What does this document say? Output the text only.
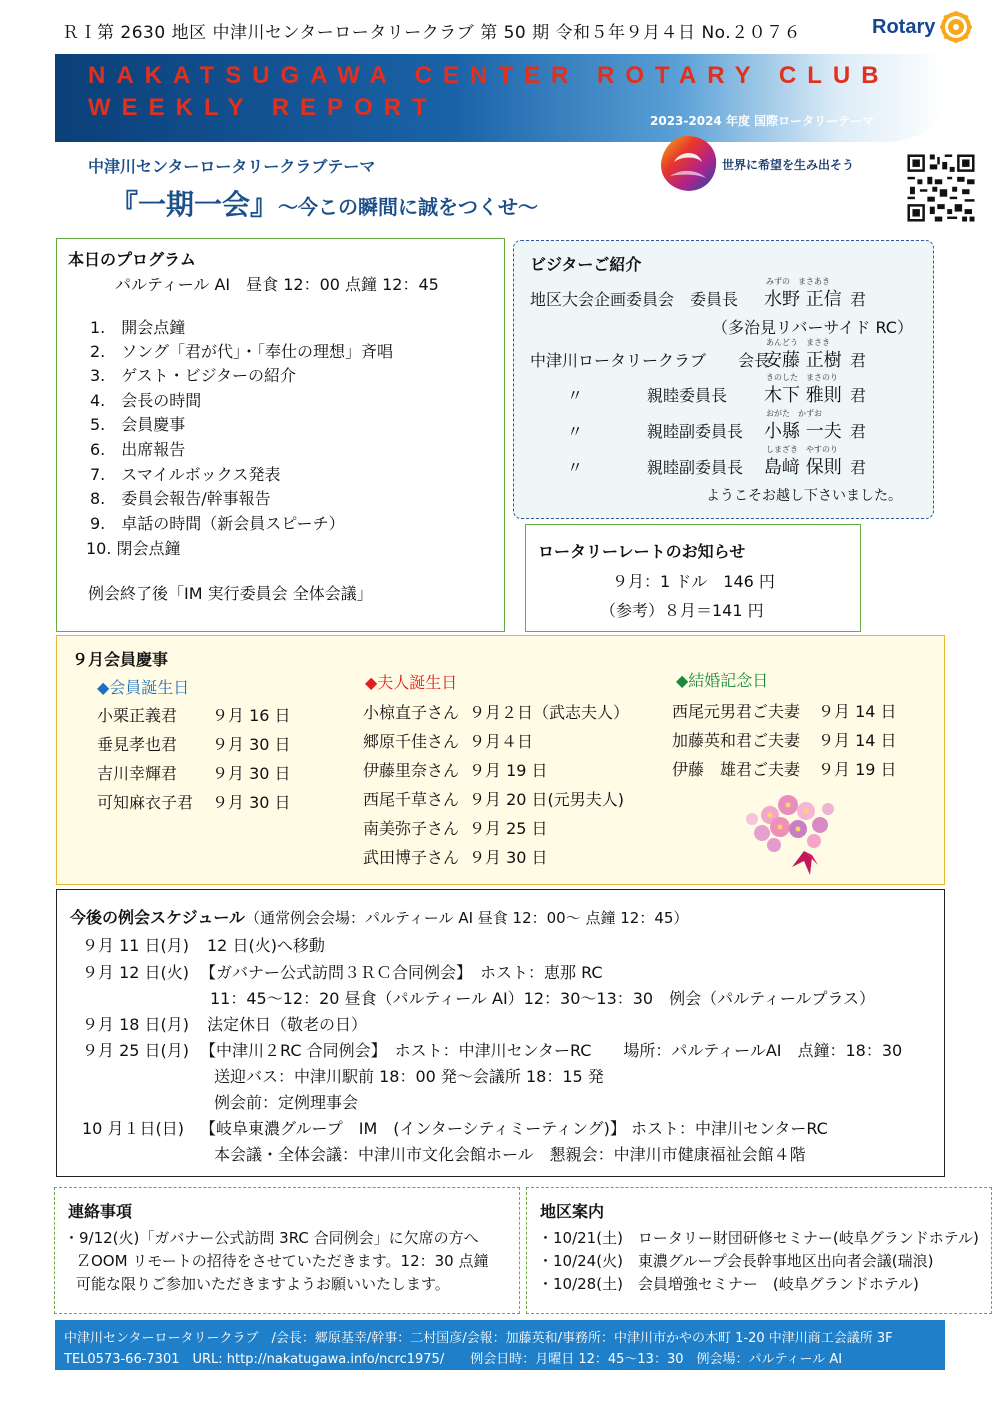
ＲＩ第 2630 地区 中津川センターロータリークラブ 第 50 期 令和５年９月４日 No.２０７６	Rotary
NAKATSUGAWA CENTER ROTARY CLUB
WEEKLY REPORT	2023-2024 年度 国際ロータリーテーマ
世界に希望を生み出そう
中津川センターロータリークラブテーマ
『一期一会』～今この瞬間に誠をつくせ～
本日のプログラム
パルティール AI　昼食 12：00 点鐘 12：45
1.　開会点鐘
2.　ソング「君が代」・「奉仕の理想」斉唱
3.　ゲスト・ビジターの紹介
4.　会長の時間
5.　会員慶事
6.　出席報告
7.　スマイルボックス発表
8.　委員会報告/幹事報告
9.　卓話の時間（新会員スピーチ）
10. 閉会点鐘
例会終了後「IM 実行委員会 全体会議」
ビジターご紹介
地区大会企画委員会　委員長
みずの　まさあき
水野 正信 君
（多治見リバーサイド RC）
中津川ロータリークラブ　　会長
あんどう　まさき
安藤 正樹 君
〃　　　　親睦委員長
きのした　まさのり
木下 雅則 君
〃　　　　親睦副委員長
おがた　かずお
小縣 一夫 君
〃　　　　親睦副委員長
しまざき　やすのり
島﨑 保則 君
ようこそお越し下さいました。
ロータリーレートのお知らせ
９月：1 ドル　146 円
（参考）８月＝141 円
９月会員慶事
◆会員誕生日
小栗正義君 ９月 16 日
垂見孝也君 ９月 30 日
吉川幸輝君 ９月 30 日
可知麻衣子君 ９月 30 日
◆夫人誕生日
小椋直子さん ９月２日（武志夫人）
郷原千佳さん ９月４日
伊藤里奈さん ９月 19 日
西尾千草さん ９月 20 日(元男夫人)
南美弥子さん ９月 25 日
武田博子さん ９月 30 日
◆結婚記念日
西尾元男君ご夫妻 ９月 14 日
加藤英和君ご夫妻 ９月 14 日
伊藤　雄君ご夫妻 ９月 19 日
今後の例会スケジュール（通常例会会場：パルティール AI 昼食 12：00～ 点鐘 12：45）
９月 11 日(月) 12 日(火)へ移動
９月 12 日(火) 【ガバナー公式訪問３ＲＣ合同例会】　ホスト：恵那 RC
11：45～12：20 昼食（パルティール AI）12：30～13：30　例会（パルティールプラス）
９月 18 日(月) 法定休日（敬老の日）
９月 25 日(月) 【中津川２RC 合同例会】　ホスト：中津川センターRC　　場所：パルティールAI　点鐘：18：30
送迎バス：中津川駅前 18：00 発～会議所 18：15 発
例会前：定例理事会
10 月１日(日) 【岐阜東濃グループ　IM　(インターシティミーティング)】 ホスト：中津川センターRC
本会議・全体会議：中津川市文化会館ホール　懇親会：中津川市健康福祉会館４階
連絡事項
・9/12(火)「ガバナー公式訪問 3RC 合同例会」に欠席の方へ
ＺOOM リモートの招待をさせていただきます。12：30 点鐘
可能な限りご参加いただきますようお願いいたします。
地区案内
・10/21(土)　ロータリー財団研修セミナー(岐阜グランドホテル)
・10/24(火)　東濃グループ会長幹事地区出向者会議(瑞浪)
・10/28(土)　会員増強セミナー　(岐阜グランドホテル)
中津川センターロータリークラブ　/会長：郷原基幸/幹事：二村国彦/会報：加藤英和/事務所：中津川市かやの木町 1-20 中津川商工会議所 3F
TEL0573-66-7301　URL: http://nakatugawa.info/ncrc1975/　　例会日時：月曜日 12：45～13：30　例会場：パルティール AI
